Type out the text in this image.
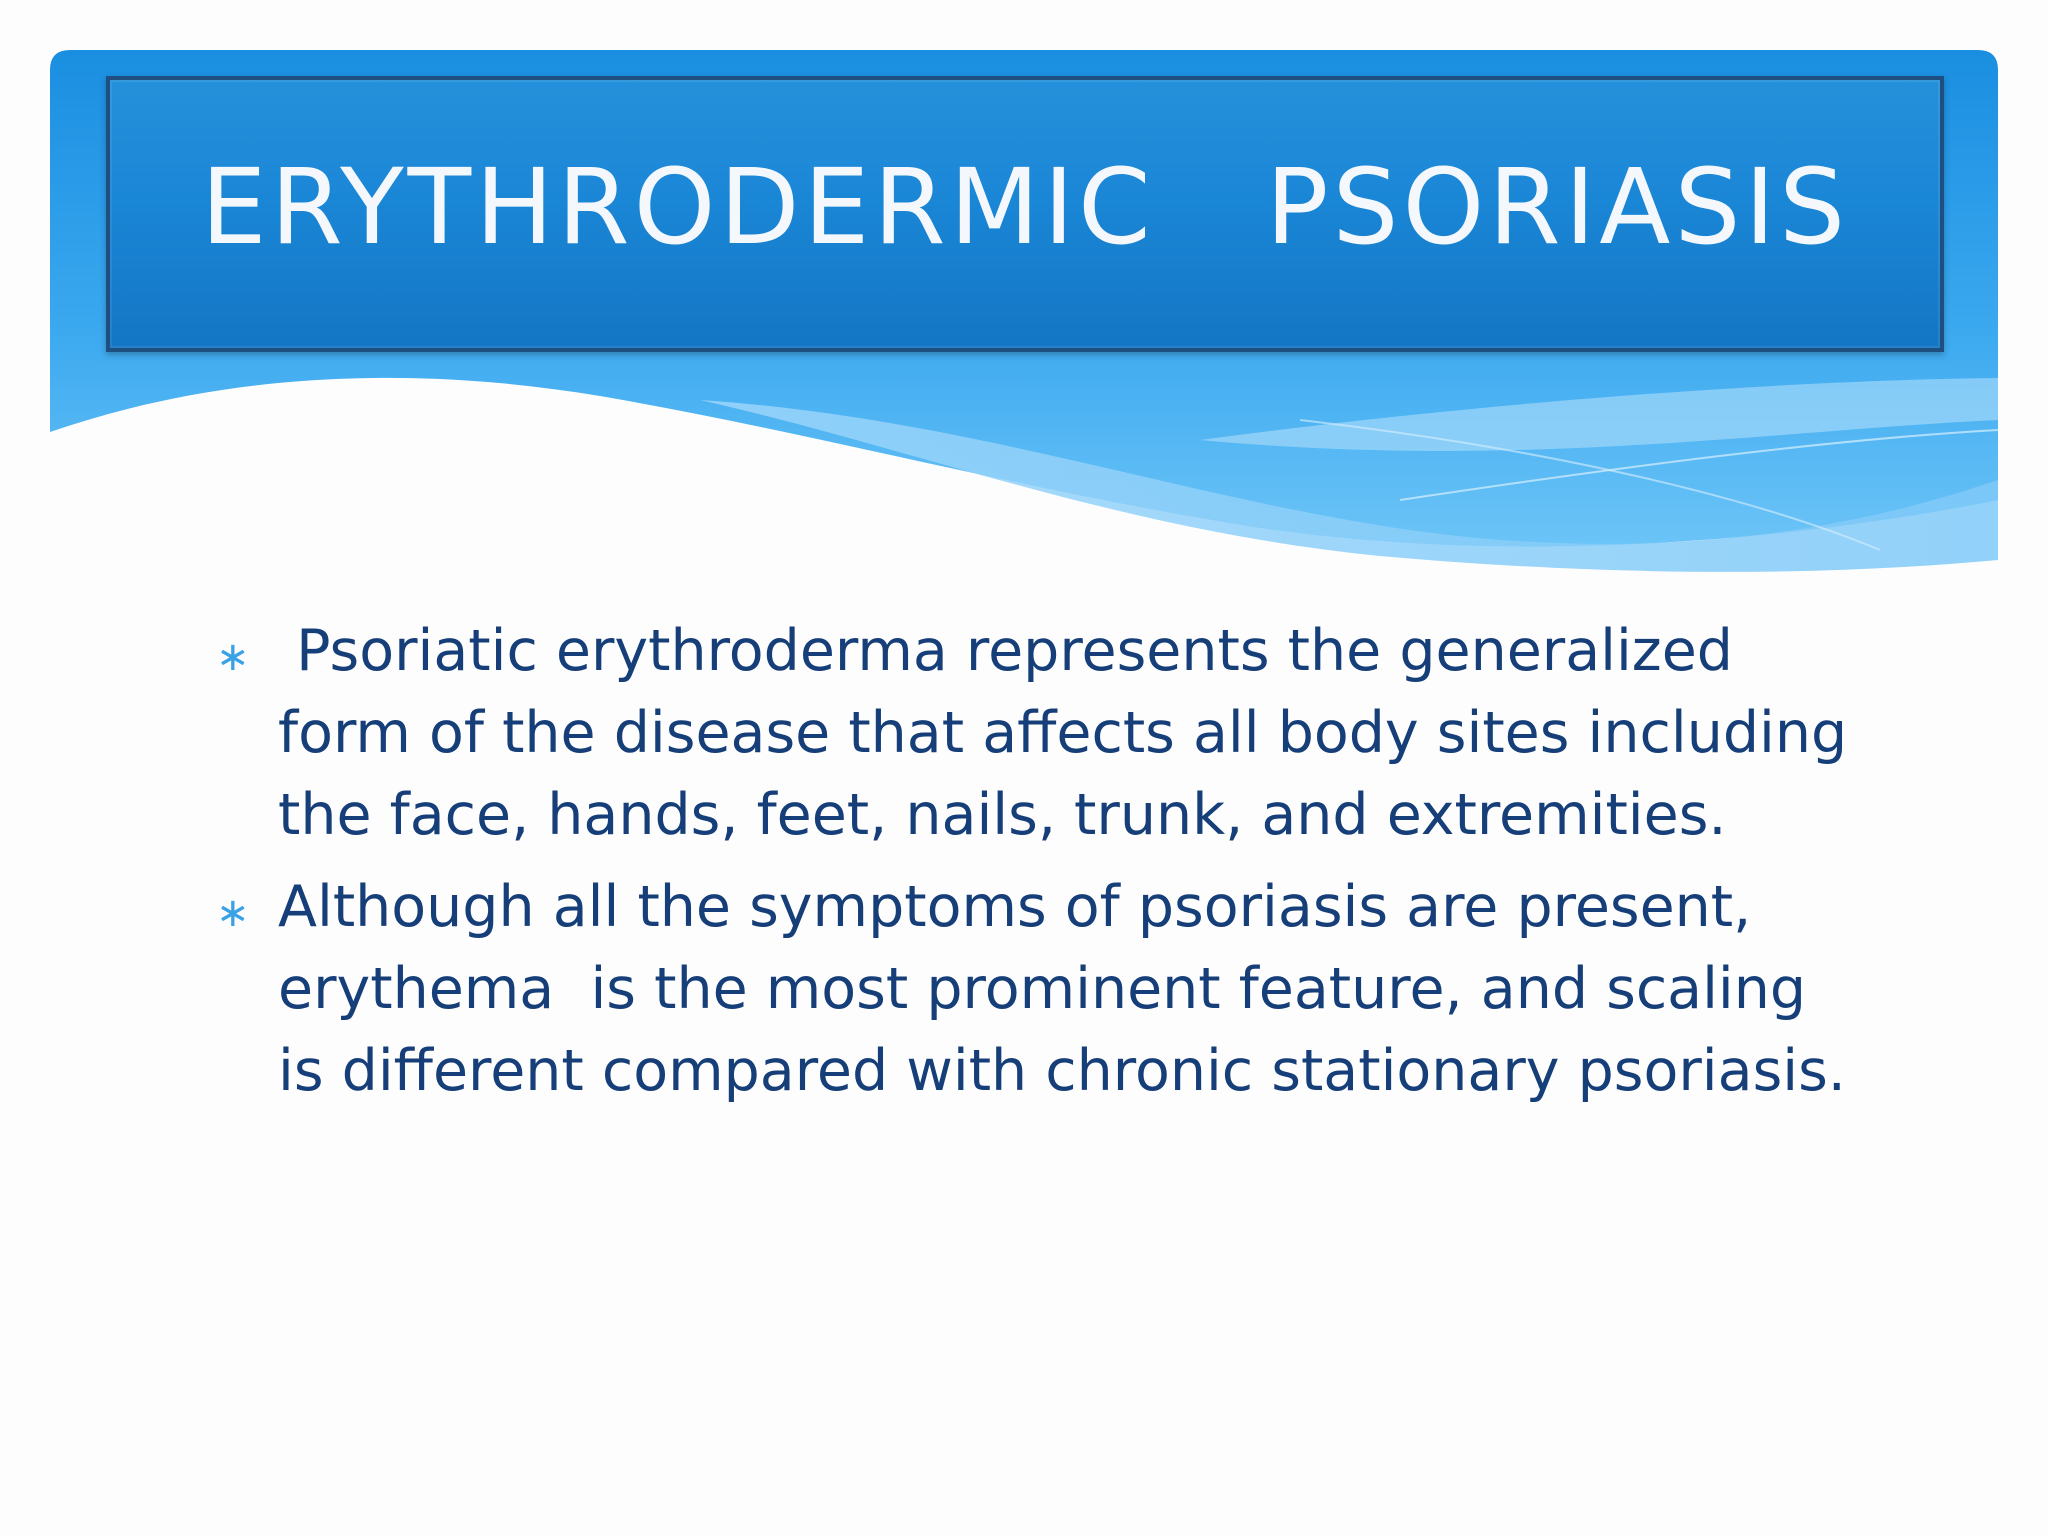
ERYTHRODERMIC   PSORIASIS
∗ Psoriatic erythroderma represents the generalized form of the disease that affects all body sites including the face, hands, feet, nails, trunk, and extremities.
∗ Although all the symptoms of psoriasis are present, erythema  is the most prominent feature, and scaling is different compared with chronic stationary psoriasis.
